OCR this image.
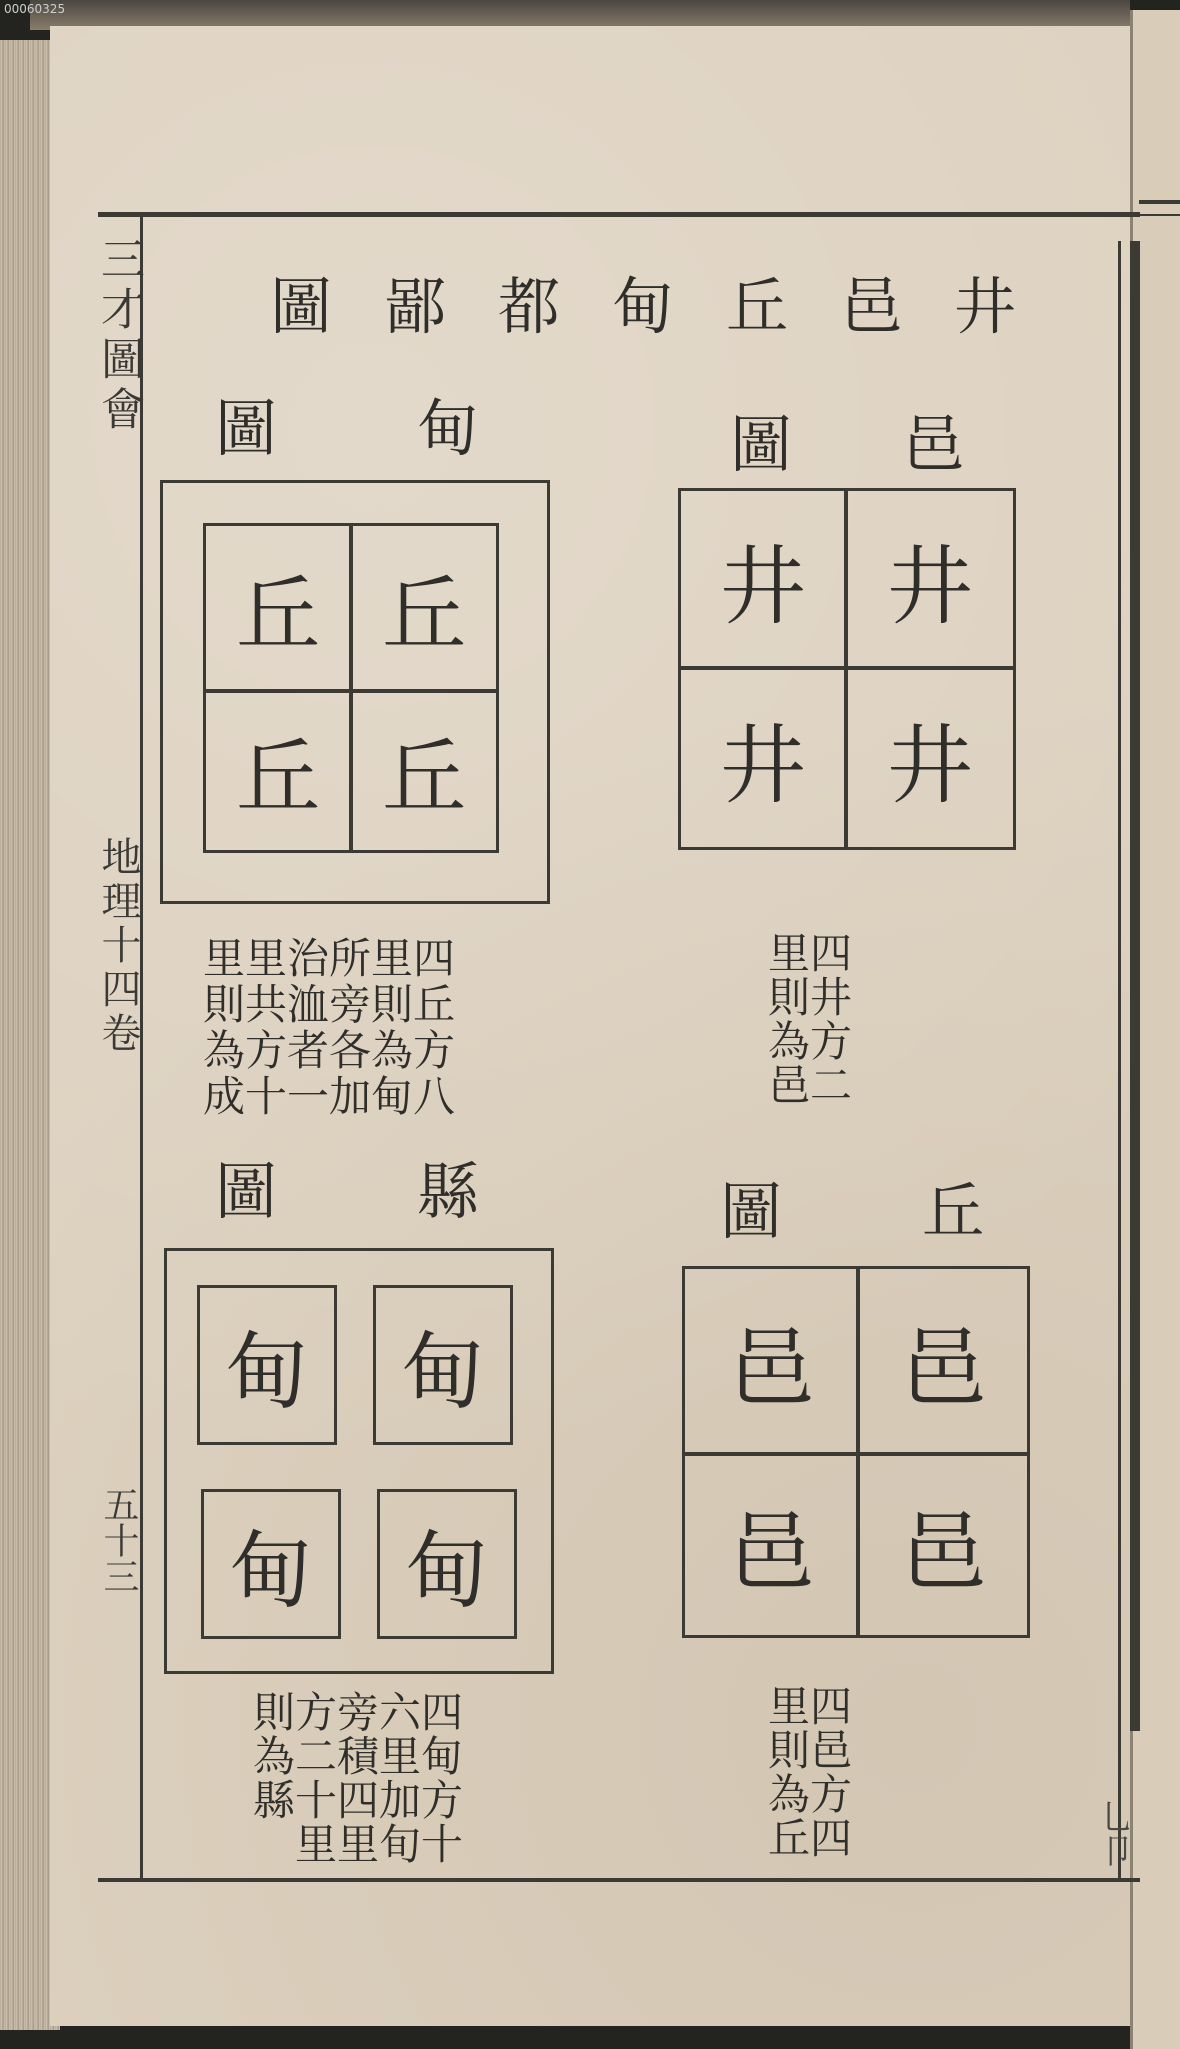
00060325
三才圖會
地理十四卷
五十三
井邑丘甸都鄙圖
邑圖
井 井
井 井
四井方二里則為邑
甸圖
丘 丘
丘 丘
四丘方八里則為甸所旁各加治洫者一里共方十里則為成
丘圖
邑 邑
邑 邑
四邑方四里則為丘
縣圖
甸 甸
甸 甸
四甸方十六里加旬旁積四里方二十里則為縣	乚卩
